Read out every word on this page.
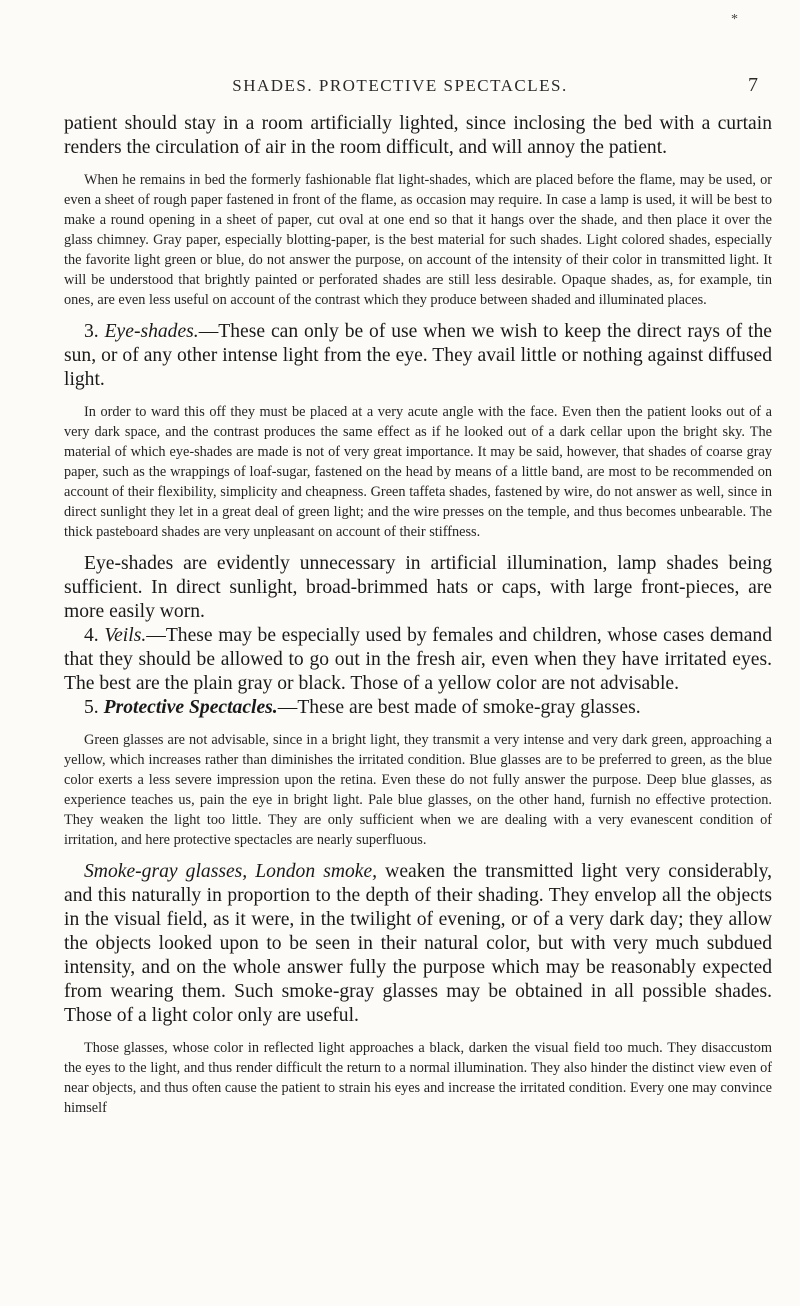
*
SHADES. PROTECTIVE SPECTACLES.	7

patient should stay in a room artificially lighted, since inclosing the bed with a curtain renders the circulation of air in the room difficult, and will annoy the patient.

When he remains in bed the formerly fashionable flat light-shades, which are placed before the flame, may be used, or even a sheet of rough paper fastened in front of the flame, as occasion may require. In case a lamp is used, it will be best to make a round opening in a sheet of paper, cut oval at one end so that it hangs over the shade, and then place it over the glass chimney. Gray paper, especially blotting-paper, is the best material for such shades. Light colored shades, especially the favorite light green or blue, do not answer the purpose, on account of the intensity of their color in transmitted light. It will be understood that brightly painted or perforated shades are still less desirable. Opaque shades, as, for example, tin ones, are even less useful on account of the contrast which they produce between shaded and illuminated places.

3. Eye-shades.—These can only be of use when we wish to keep the direct rays of the sun, or of any other intense light from the eye. They avail little or nothing against diffused light.

In order to ward this off they must be placed at a very acute angle with the face. Even then the patient looks out of a very dark space, and the contrast produces the same effect as if he looked out of a dark cellar upon the bright sky. The material of which eye-shades are made is not of very great importance. It may be said, however, that shades of coarse gray paper, such as the wrappings of loaf-sugar, fastened on the head by means of a little band, are most to be recommended on account of their flexibility, simplicity and cheapness. Green taffeta shades, fastened by wire, do not answer as well, since in direct sunlight they let in a great deal of green light; and the wire presses on the temple, and thus becomes unbearable. The thick pasteboard shades are very unpleasant on account of their stiffness.

Eye-shades are evidently unnecessary in artificial illumination, lamp shades being sufficient. In direct sunlight, broad-brimmed hats or caps, with large front-pieces, are more easily worn.

4. Veils.—These may be especially used by females and children, whose cases demand that they should be allowed to go out in the fresh air, even when they have irritated eyes. The best are the plain gray or black. Those of a yellow color are not advisable.

5. Protective Spectacles.—These are best made of smoke-gray glasses.

Green glasses are not advisable, since in a bright light, they transmit a very intense and very dark green, approaching a yellow, which increases rather than diminishes the irritated condition. Blue glasses are to be preferred to green, as the blue color exerts a less severe impression upon the retina. Even these do not fully answer the purpose. Deep blue glasses, as experience teaches us, pain the eye in bright light. Pale blue glasses, on the other hand, furnish no effective protection. They weaken the light too little. They are only sufficient when we are dealing with a very evanescent condition of irritation, and here protective spectacles are nearly superfluous.

Smoke-gray glasses, London smoke, weaken the transmitted light very considerably, and this naturally in proportion to the depth of their shading. They envelop all the objects in the visual field, as it were, in the twilight of evening, or of a very dark day; they allow the objects looked upon to be seen in their natural color, but with very much subdued intensity, and on the whole answer fully the purpose which may be reasonably expected from wearing them. Such smoke-gray glasses may be obtained in all possible shades. Those of a light color only are useful.

Those glasses, whose color in reflected light approaches a black, darken the visual field too much. They disaccustom the eyes to the light, and thus render difficult the return to a normal illumination. They also hinder the distinct view even of near objects, and thus often cause the patient to strain his eyes and increase the irritated condition. Every one may convince himself
